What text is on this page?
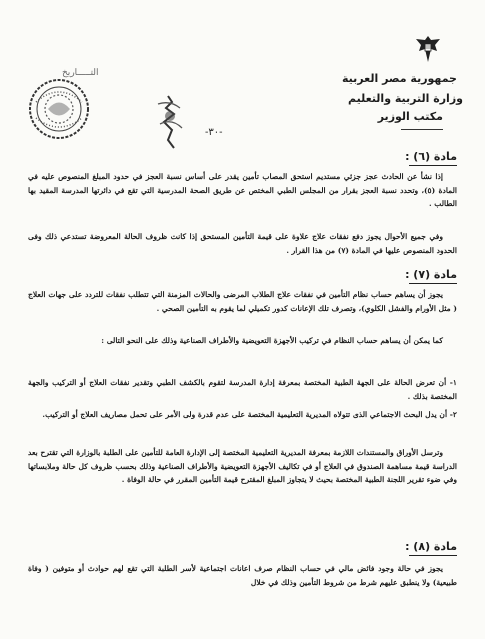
جمهورية مصر العربية
وزارة التربية والتعليم
مكتب الوزير
التـــــاريخ
-٣٠-
مادة (٦) :
إذا نشأ عن الحادث عجز جزئي مستديم استحق المصاب تأمين يقدر على أساس نسبة العجز في حدود المبلغ المنصوص عليه في المادة (٥)، وتحدد نسبة العجز بقرار من المجلس الطبي المختص عن طريق الصحة المدرسية التي تقع في دائرتها المدرسة المقيد بها الطالب .
وفي جميع الأحوال يجوز دفع نفقات علاج علاوة على قيمة التأمين المستحق إذا كانت ظروف الحالة المعروضة تستدعي ذلك وفى الحدود المنصوص عليها في المادة (٧) من هذا القرار .
مادة (٧) :
يجوز أن يساهم حساب نظام التأمين في نفقات علاج الطلاب المرضى والحالات المزمنة التي تتطلب نفقات للتردد على جهات العلاج ( مثل الأورام والفشل الكلوي)، وتصرف تلك الإعانات كدور تكميلي لما يقوم به التأمين الصحي .
كما يمكن أن يساهم حساب النظام في تركيب الأجهزة التعويضية والأطراف الصناعية وذلك على النحو التالى :
١- أن تعرض الحالة على الجهة الطبية المختصة بمعرفة إدارة المدرسة لتقوم بالكشف الطبي وتقدير نفقات العلاج أو التركيب والجهة المختصة بذلك .
٢- أن يدل البحث الاجتماعي الذى تتولاه المديرية التعليمية المختصة على عدم قدرة ولى الأمر على تحمل مصاريف العلاج أو التركيب.
وترسل الأوراق والمستندات اللازمة بمعرفة المديرية التعليمية المختصة إلى الإدارة العامة للتأمين على الطلبة بالوزارة التي تقترح بعد الدراسة قيمة مساهمة الصندوق في العلاج أو في تكاليف الأجهزة التعويضية والأطراف الصناعية وذلك بحسب ظروف كل حالة وملابساتها وفي ضوء تقرير اللجنة الطبية المختصة بحيث لا يتجاوز المبلغ المقترح قيمة التأمين المقرر في حالة الوفاة .
مادة (٨) :
يجوز في حالة وجود فائض مالي في حساب النظام صرف اعانات اجتماعية لأسر الطلبة التي تقع لهم حوادث أو متوفين ( وفاة طبيعية) ولا ينطبق عليهم شرط من شروط التأمين وذلك في خلال
